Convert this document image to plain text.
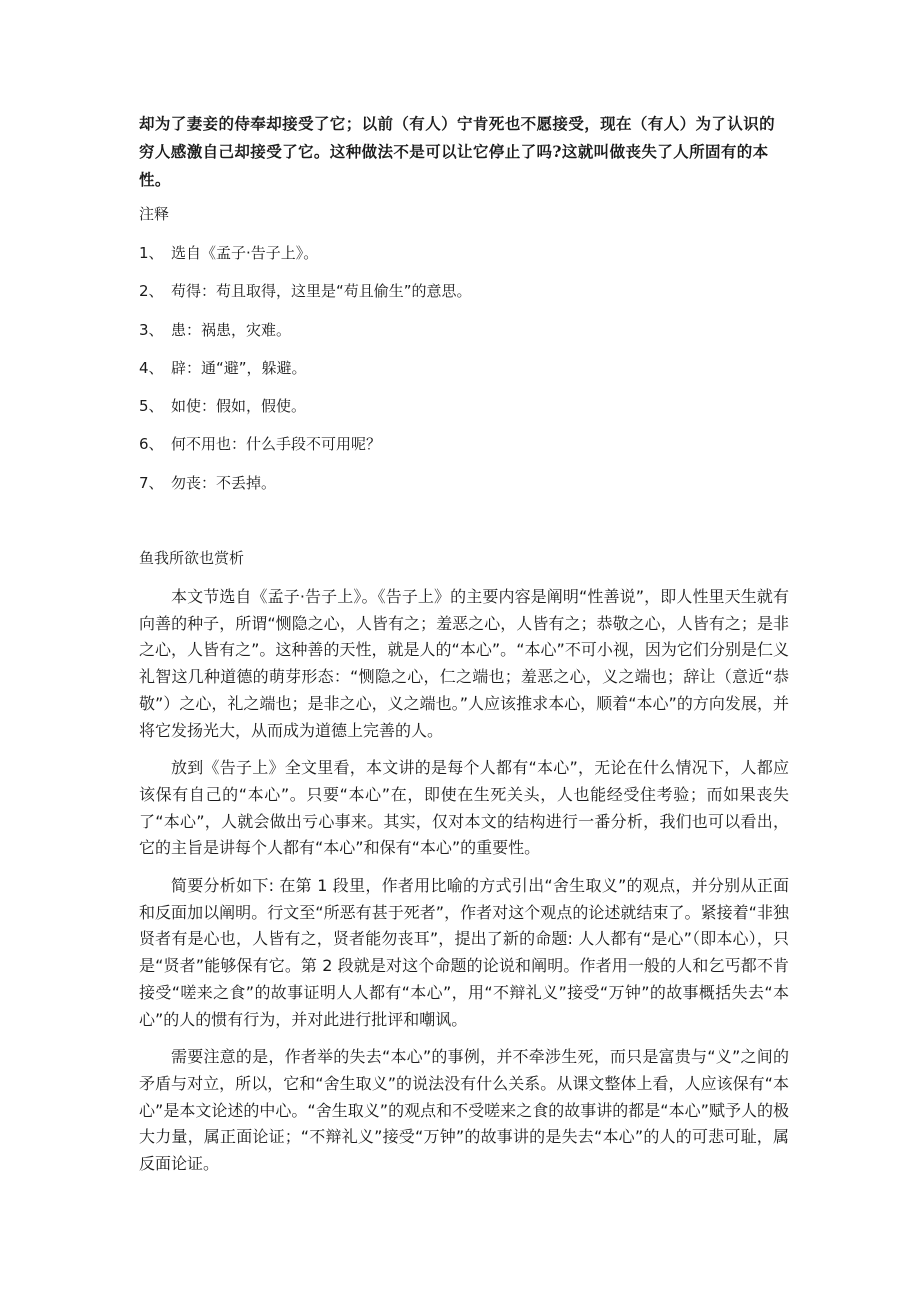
却为了妻妾的侍奉却接受了它；以前（有人）宁肯死也不愿接受，现在（有人）为了认识的穷人感激自己却接受了它。这种做法不是可以让它停止了吗?这就叫做丧失了人所固有的本性。

注释

1、 选自《孟子·告子上》。
2、 苟得：苟且取得，这里是“苟且偷生”的意思。
3、 患：祸患，灾难。
4、 辟：通“避”，躲避。
5、 如使：假如，假使。
6、 何不用也：什么手段不可用呢？
7、 勿丧：不丢掉。

鱼我所欲也赏析

本文节选自《孟子·告子上》。《告子上》的主要内容是阐明“性善说”，即人性里天生就有向善的种子，所谓“恻隐之心，人皆有之；羞恶之心，人皆有之；恭敬之心，人皆有之；是非之心，人皆有之”。这种善的天性，就是人的“本心”。“本心”不可小视，因为它们分别是仁义礼智这几种道德的萌芽形态：“恻隐之心，仁之端也；羞恶之心，义之端也；辞让（意近“恭敬”）之心，礼之端也；是非之心，义之端也。”人应该推求本心，顺着“本心”的方向发展，并将它发扬光大，从而成为道德上完善的人。

放到《告子上》全文里看，本文讲的是每个人都有“本心”，无论在什么情况下，人都应该保有自己的“本心”。只要“本心”在，即使在生死关头，人也能经受住考验；而如果丧失了“本心”，人就会做出亏心事来。其实，仅对本文的结构进行一番分析，我们也可以看出，它的主旨是讲每个人都有“本心”和保有“本心”的重要性。

简要分析如下: 在第 1 段里，作者用比喻的方式引出“舍生取义”的观点，并分别从正面和反面加以阐明。行文至“所恶有甚于死者”，作者对这个观点的论述就结束了。紧接着“非独贤者有是心也，人皆有之，贤者能勿丧耳”，提出了新的命题: 人人都有“是心”（即本心），只是“贤者”能够保有它。第 2 段就是对这个命题的论说和阐明。作者用一般的人和乞丐都不肯接受“嗟来之食”的故事证明人人都有“本心”，用“不辩礼义”接受“万钟”的故事概括失去“本心”的人的惯有行为，并对此进行批评和嘲讽。

需要注意的是，作者举的失去“本心”的事例，并不牵涉生死，而只是富贵与“义”之间的矛盾与对立，所以，它和“舍生取义”的说法没有什么关系。从课文整体上看，人应该保有“本心”是本文论述的中心。“舍生取义”的观点和不受嗟来之食的故事讲的都是“本心”赋予人的极大力量，属正面论证；“不辩礼义”接受“万钟”的故事讲的是失去“本心”的人的可悲可耻，属反面论证。
